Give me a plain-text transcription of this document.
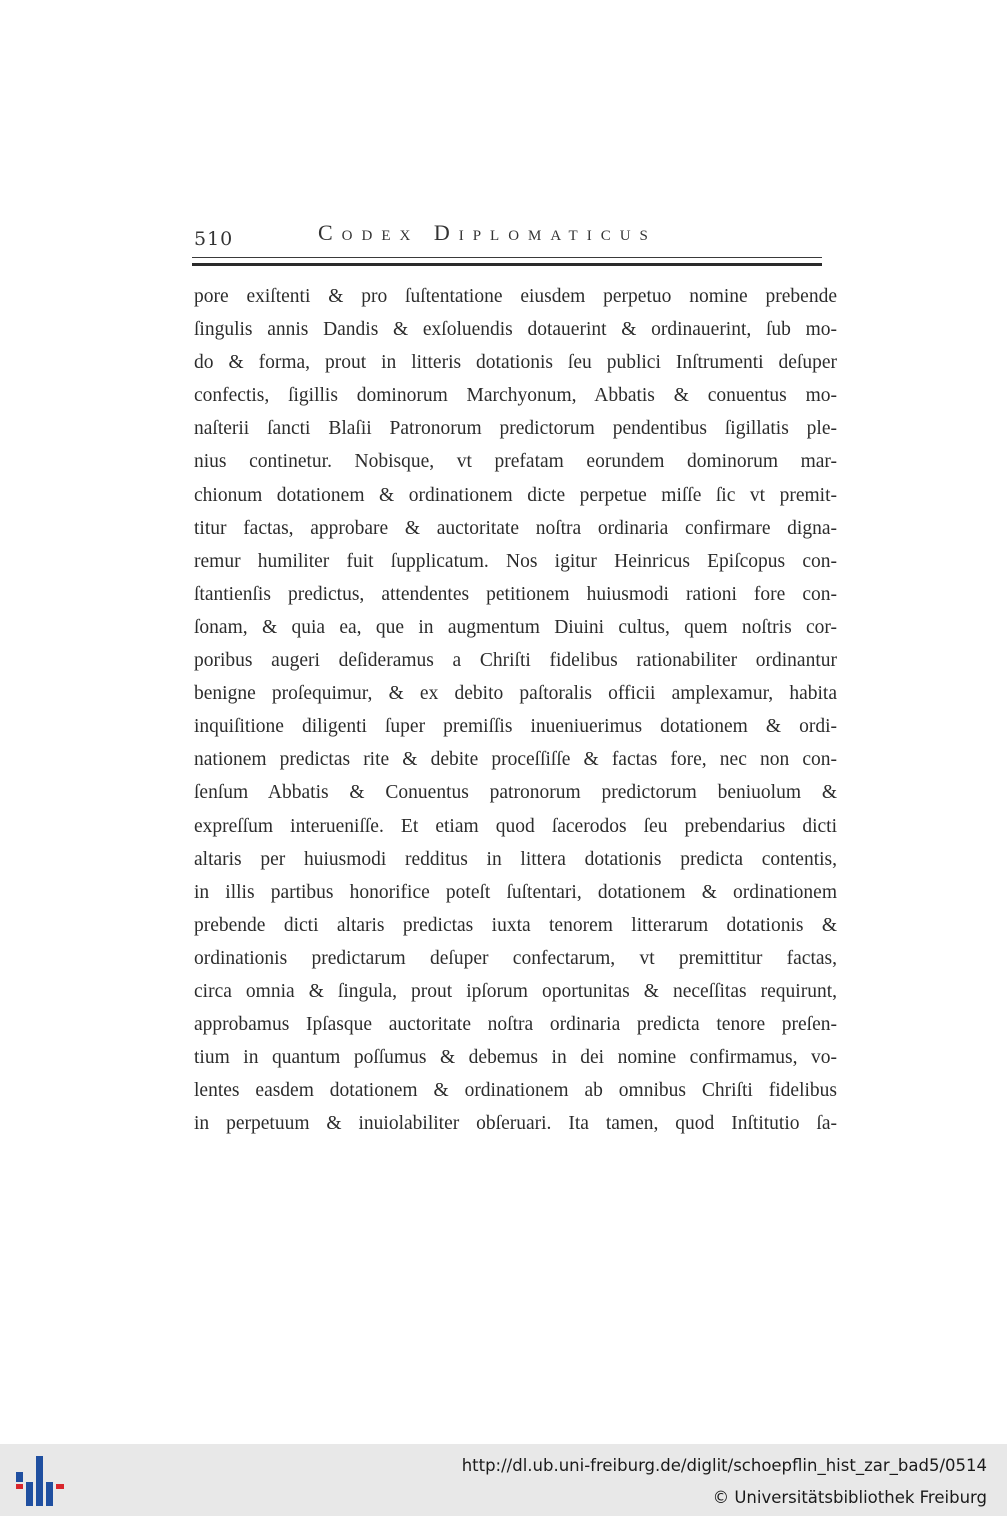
510	Codex Diplomaticus
pore exiſtenti & pro ſuſtentatione eiusdem perpetuo nomine prebende
ſingulis annis Dandis & exſoluendis dotauerint & ordinauerint, ſub mo-
do & forma, prout in litteris dotationis ſeu publici Inſtrumenti deſuper
confectis, ſigillis dominorum Marchyonum, Abbatis & conuentus mo-
naſterii ſancti Blaſii Patronorum predictorum pendentibus ſigillatis ple-
nius continetur. Nobisque, vt prefatam eorundem dominorum mar-
chionum dotationem & ordinationem dicte perpetue miſſe ſic vt premit-
titur factas, approbare & auctoritate noſtra ordinaria confirmare digna-
remur humiliter fuit ſupplicatum. Nos igitur Heinricus Epiſcopus con-
ſtantienſis predictus, attendentes petitionem huiusmodi rationi fore con-
ſonam, & quia ea, que in augmentum Diuini cultus, quem noſtris cor-
poribus augeri deſideramus a Chriſti fidelibus rationabiliter ordinantur
benigne proſequimur, & ex debito paſtoralis officii amplexamur, habita
inquiſitione diligenti ſuper premiſſis inueniuerimus dotationem & ordi-
nationem predictas rite & debite proceſſiſſe & factas fore, nec non con-
ſenſum Abbatis & Conuentus patronorum predictorum beniuolum &
expreſſum interueniſſe. Et etiam quod ſacerodos ſeu prebendarius dicti
altaris per huiusmodi redditus in littera dotationis predicta contentis,
in illis partibus honorifice poteſt ſuſtentari, dotationem & ordinationem
prebende dicti altaris predictas iuxta tenorem litterarum dotationis &
ordinationis predictarum deſuper confectarum, vt premittitur factas,
circa omnia & ſingula, prout ipſorum oportunitas & neceſſitas requirunt,
approbamus Ipſasque auctoritate noſtra ordinaria predicta tenore preſen-
tium in quantum poſſumus & debemus in dei nomine confirmamus, vo-
lentes easdem dotationem & ordinationem ab omnibus Chriſti fidelibus
in perpetuum & inuiolabiliter obſeruari. Ita tamen, quod Inſtitutio ſa-
http://dl.ub.uni-freiburg.de/diglit/schoepflin_hist_zar_bad5/0514
© Universitätsbibliothek Freiburg
